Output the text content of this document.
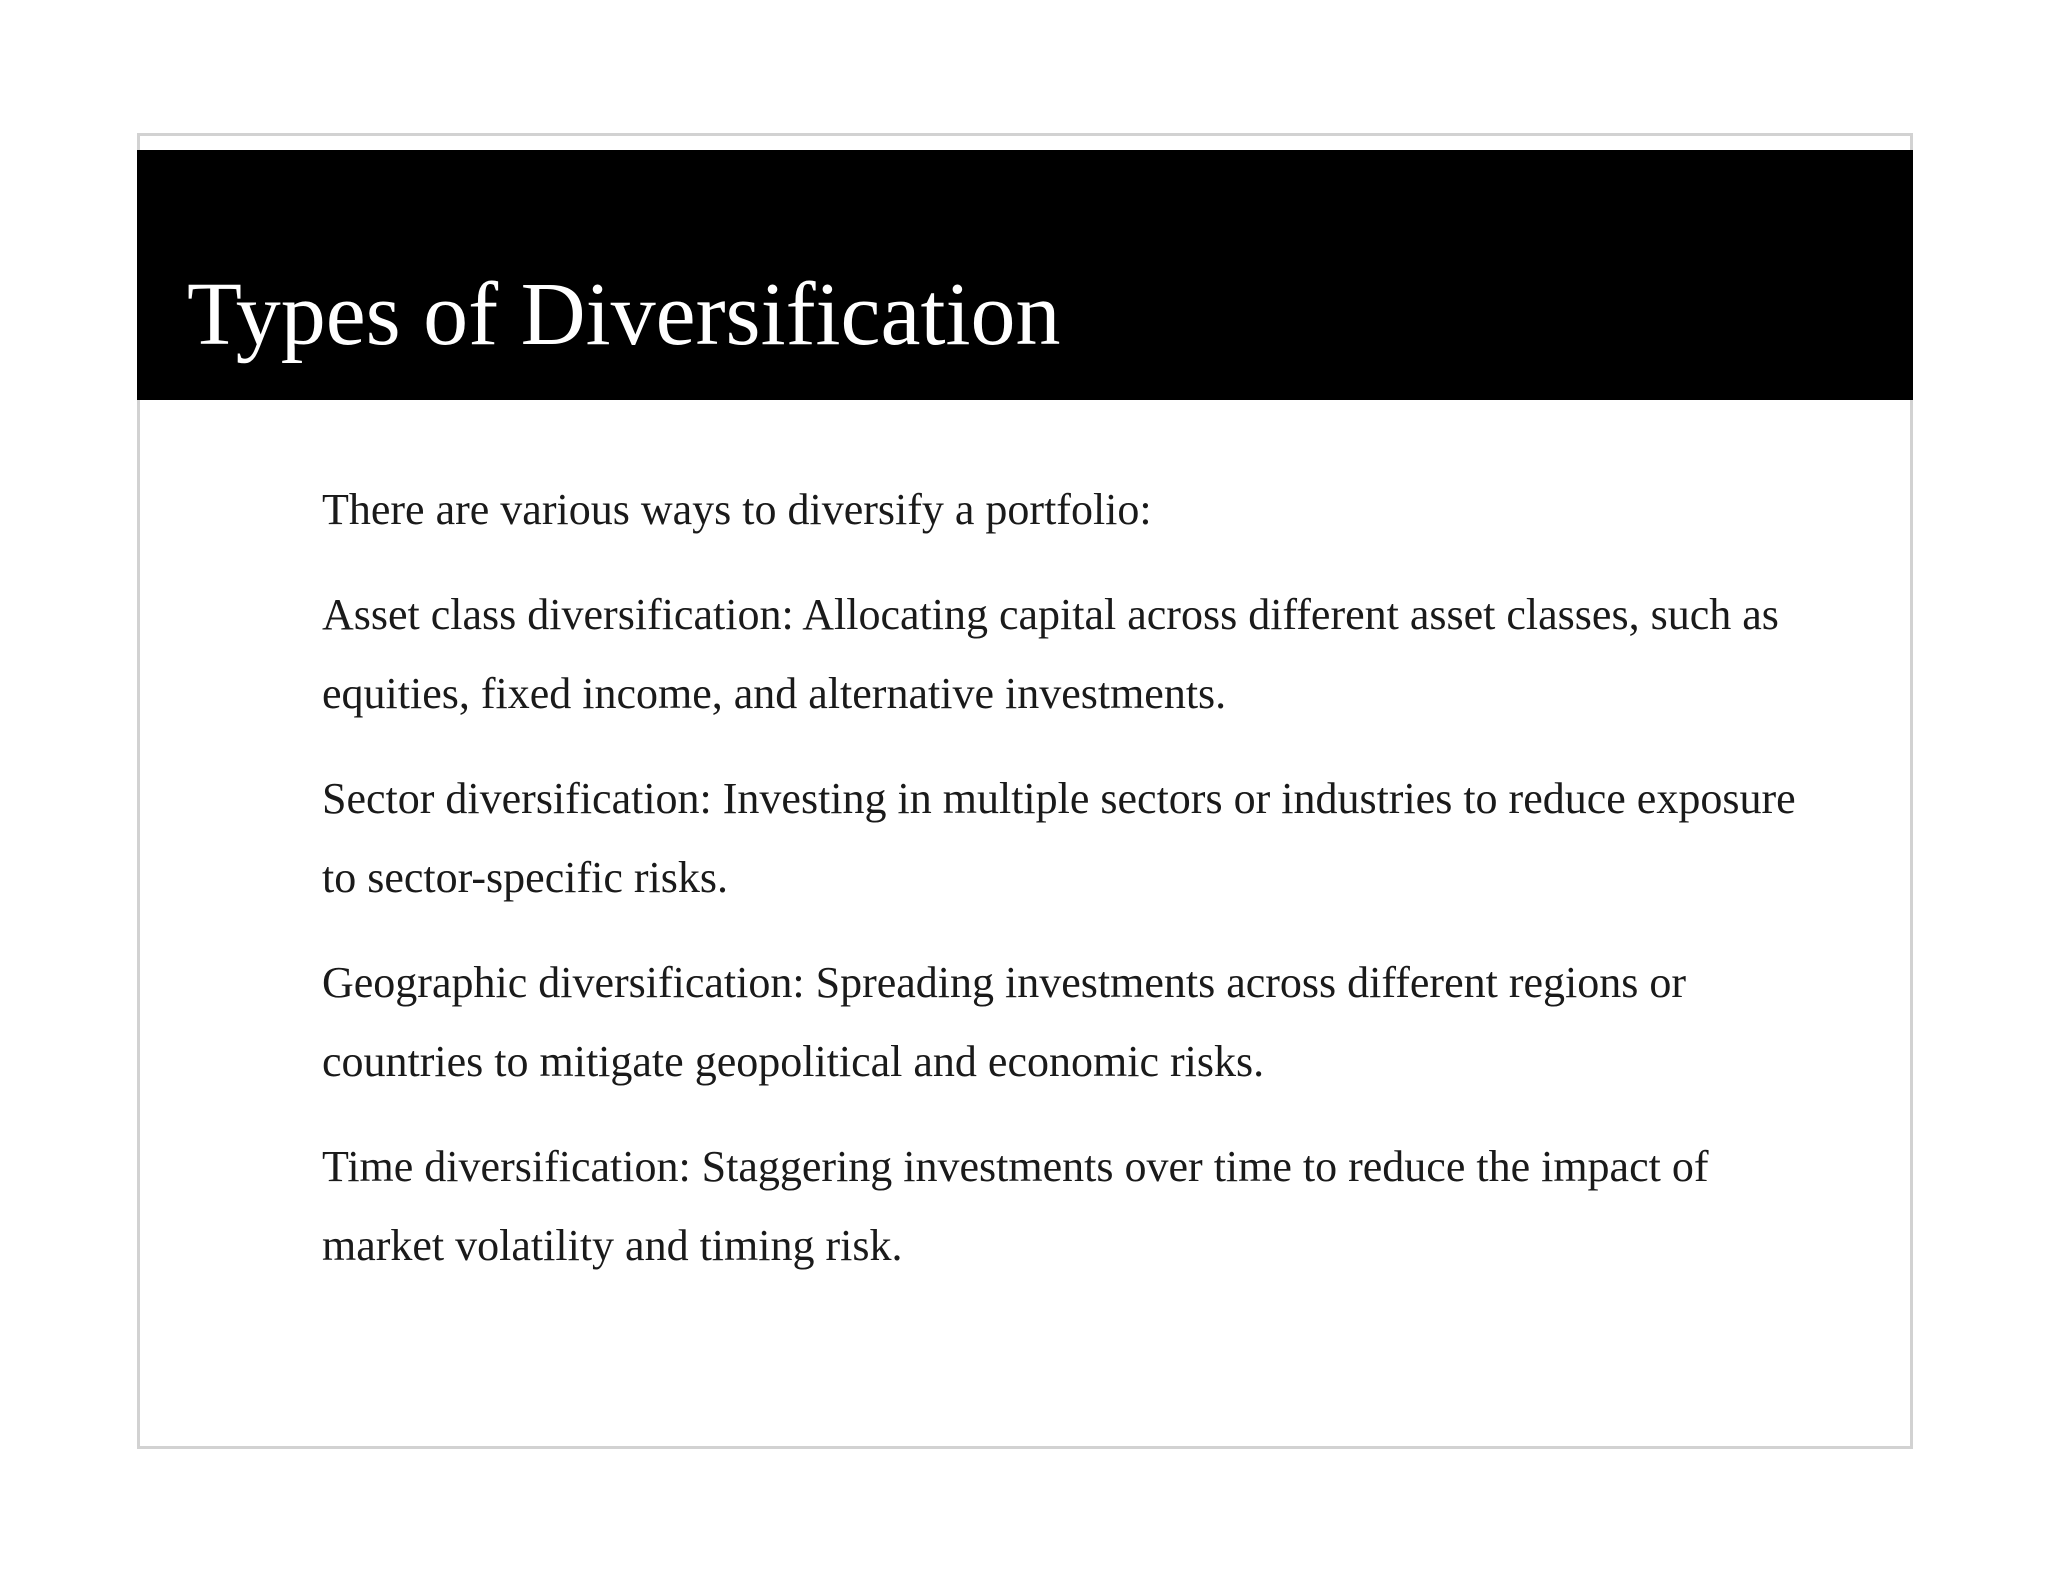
Types of Diversification

There are various ways to diversify a portfolio:

Asset class diversification: Allocating capital across different asset classes, such as equities, fixed income, and alternative investments.

Sector diversification: Investing in multiple sectors or industries to reduce exposure to sector-specific risks.

Geographic diversification: Spreading investments across different regions or countries to mitigate geopolitical and economic risks.

Time diversification: Staggering investments over time to reduce the impact of market volatility and timing risk.
